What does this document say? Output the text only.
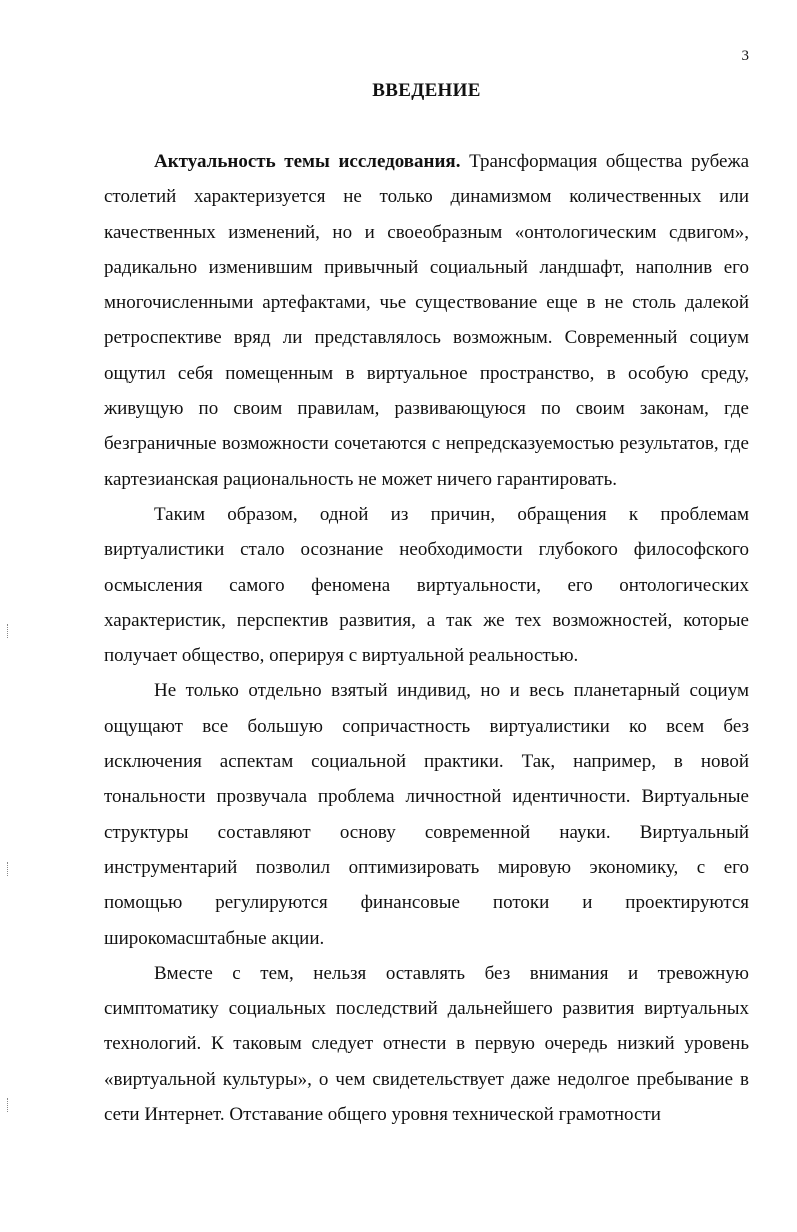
3
ВВЕДЕНИЕ

Актуальность темы исследования. Трансформация общества рубежа столетий характеризуется не только динамизмом количественных или качественных изменений, но и своеобразным «онтологическим сдвигом», радикально изменившим привычный социальный ландшафт, наполнив его многочисленными артефактами, чье существование еще в не столь далекой ретроспективе вряд ли представлялось возможным. Современный социум ощутил себя помещенным в виртуальное пространство, в особую среду, живущую по своим правилам, развивающуюся по своим законам, где безграничные возможности сочетаются с непредсказуемостью результатов, где картезианская рациональность не может ничего гарантировать.

Таким образом, одной из причин, обращения к проблемам виртуалистики стало осознание необходимости глубокого философского осмысления самого феномена виртуальности, его онтологических характеристик, перспектив развития, а так же тех возможностей, которые получает общество, оперируя с виртуальной реальностью.

Не только отдельно взятый индивид, но и весь планетарный социум ощущают все большую сопричастность виртуалистики ко всем без исключения аспектам социальной практики. Так, например, в новой тональности прозвучала проблема личностной идентичности. Виртуальные структуры составляют основу современной науки. Виртуальный инструментарий позволил оптимизировать мировую экономику, с его помощью регулируются финансовые потоки и проектируются широкомасштабные акции.

Вместе с тем, нельзя оставлять без внимания и тревожную симптоматику социальных последствий дальнейшего развития виртуальных технологий. К таковым следует отнести в первую очередь низкий уровень «виртуальной культуры», о чем свидетельствует даже недолгое пребывание в сети Интернет. Отставание общего уровня технической грамотности
